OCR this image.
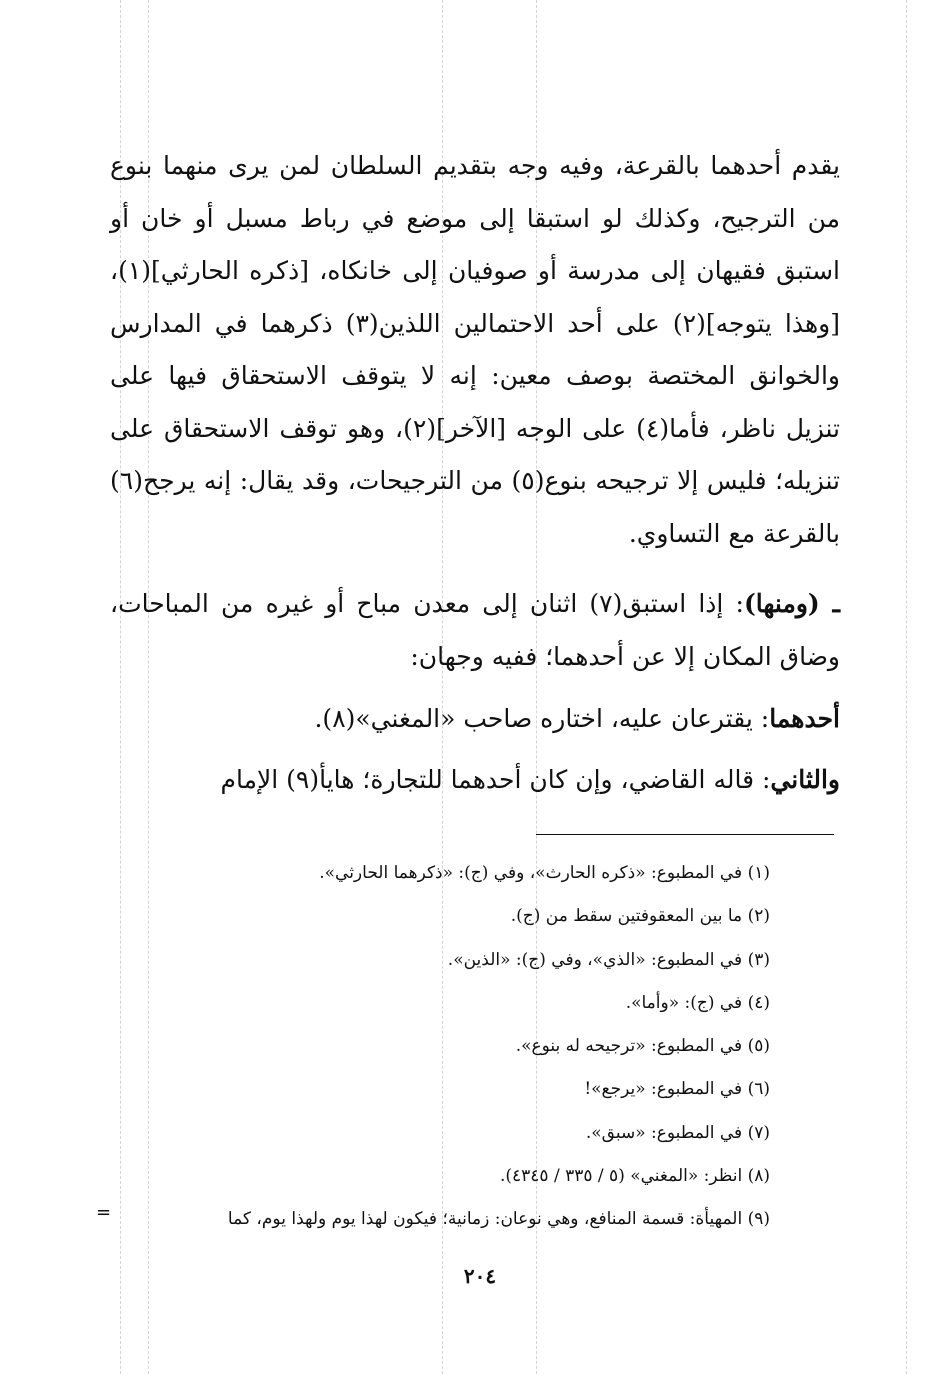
يقدم أحدهما بالقرعة، وفيه وجه بتقديم السلطان لمن يرى منهما بنوع من الترجيح، وكذلك لو استبقا إلى موضع في رباط مسبل أو خان أو استبق فقيهان إلى مدرسة أو صوفيان إلى خانكاه، [ذكره الحارثي](١)، [وهذا يتوجه](٢) على أحد الاحتمالين اللذين(٣) ذكرهما في المدارس والخوانق المختصة بوصف معين: إنه لا يتوقف الاستحقاق فيها على تنزيل ناظر، فأما(٤) على الوجه [الآخر](٢)، وهو توقف الاستحقاق على تنزيله؛ فليس إلا ترجيحه بنوع(٥) من الترجيحات، وقد يقال: إنه يرجح(٦) بالقرعة مع التساوي.

ـ (ومنها): إذا استبق(٧) اثنان إلى معدن مباح أو غيره من المباحات، وضاق المكان إلا عن أحدهما؛ ففيه وجهان:

أحدهما: يقترعان عليه، اختاره صاحب «المغني»(٨).

والثاني: قاله القاضي، وإن كان أحدهما للتجارة؛ هايأ(٩) الإمام

(١) في المطبوع: «ذكره الحارث»، وفي (ج): «ذكرهما الحارثي».
(٢) ما بين المعقوفتين سقط من (ج).
(٣) في المطبوع: «الذي»، وفي (ج): «الذين».
(٤) في (ج): «وأما».
(٥) في المطبوع: «ترجيحه له بنوع».
(٦) في المطبوع: «يرجع»!
(٧) في المطبوع: «سبق».
(٨) انظر: «المغني» (٥ / ٣٣٥ / ٤٣٤٥).
(٩) المهيأة: قسمة المنافع، وهي نوعان: زمانية؛ فيكون لهذا يوم ولهذا يوم، كما
=
٢٠٤
